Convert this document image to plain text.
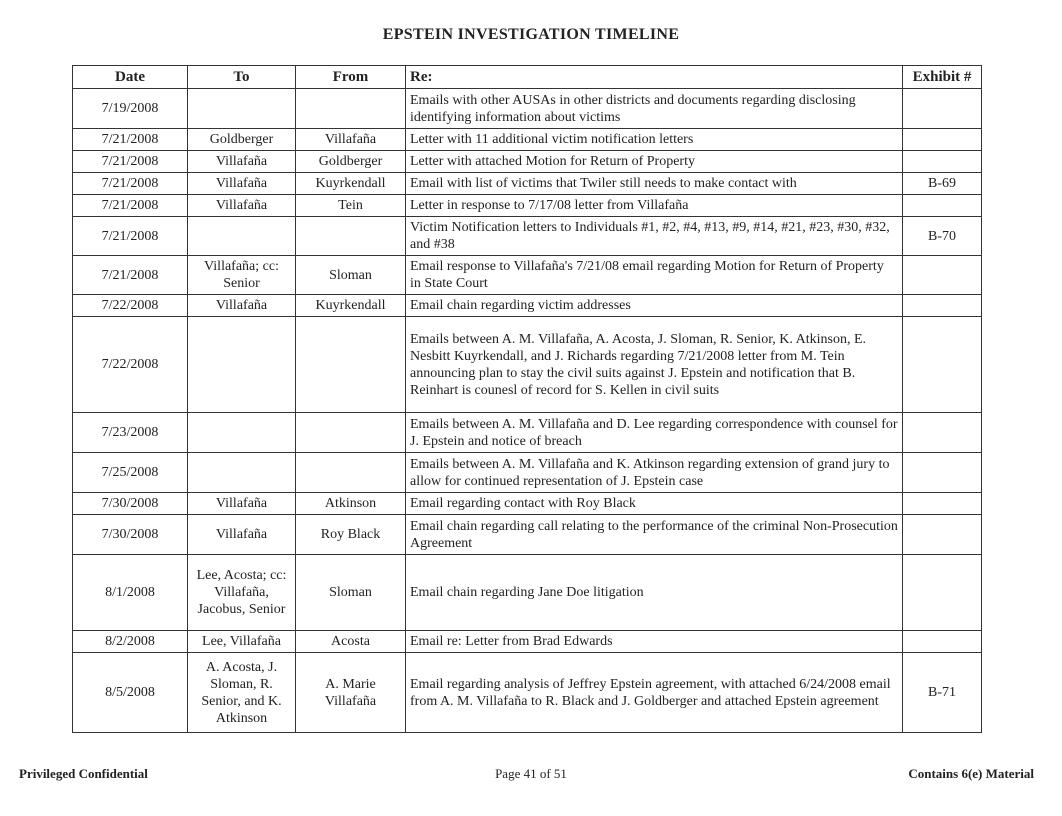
EPSTEIN INVESTIGATION TIMELINE
Date	To	From	Re:	Exhibit #
7/19/2008			Emails with other AUSAs in other districts and documents regarding disclosing identifying information about victims	
7/21/2008	Goldberger	Villafaña	Letter with 11 additional victim notification letters	
7/21/2008	Villafaña	Goldberger	Letter with attached Motion for Return of Property	
7/21/2008	Villafaña	Kuyrkendall	Email with list of victims that Twiler still needs to make contact with	B-69
7/21/2008	Villafaña	Tein	Letter in response to 7/17/08 letter from Villafaña	
7/21/2008			Victim Notification letters to Individuals #1, #2, #4, #13, #9, #14, #21, #23, #30, #32, and #38	B-70
7/21/2008	Villafaña; cc: Senior	Sloman	Email response to Villafaña's 7/21/08 email regarding Motion for Return of Property in State Court	
7/22/2008	Villafaña	Kuyrkendall	Email chain regarding victim addresses	
7/22/2008			Emails between A. M. Villafaña, A. Acosta, J. Sloman, R. Senior, K. Atkinson, E. Nesbitt Kuyrkendall, and J. Richards regarding 7/21/2008 letter from M. Tein announcing plan to stay the civil suits against J. Epstein and notification that B. Reinhart is counesl of record for S. Kellen in civil suits	
7/23/2008			Emails between A. M. Villafaña and D. Lee regarding correspondence with counsel for J. Epstein and notice of breach	
7/25/2008			Emails between A. M. Villafaña and K. Atkinson regarding extension of grand jury to allow for continued representation of J. Epstein case	
7/30/2008	Villafaña	Atkinson	Email regarding contact with Roy Black	
7/30/2008	Villafaña	Roy Black	Email chain regarding call relating to the performance of the criminal Non-Prosecution Agreement	
8/1/2008	Lee, Acosta; cc: Villafaña, Jacobus, Senior	Sloman	Email chain regarding Jane Doe litigation	
8/2/2008	Lee, Villafaña	Acosta	Email re: Letter from Brad Edwards	
8/5/2008	A. Acosta, J. Sloman, R. Senior, and K. Atkinson	A. Marie Villafaña	Email regarding analysis of Jeffrey Epstein agreement, with attached 6/24/2008 email from A. M. Villafaña to R. Black and J. Goldberger and attached Epstein agreement	B-71
Privileged Confidential	Page 41 of 51	Contains 6(e) Material
